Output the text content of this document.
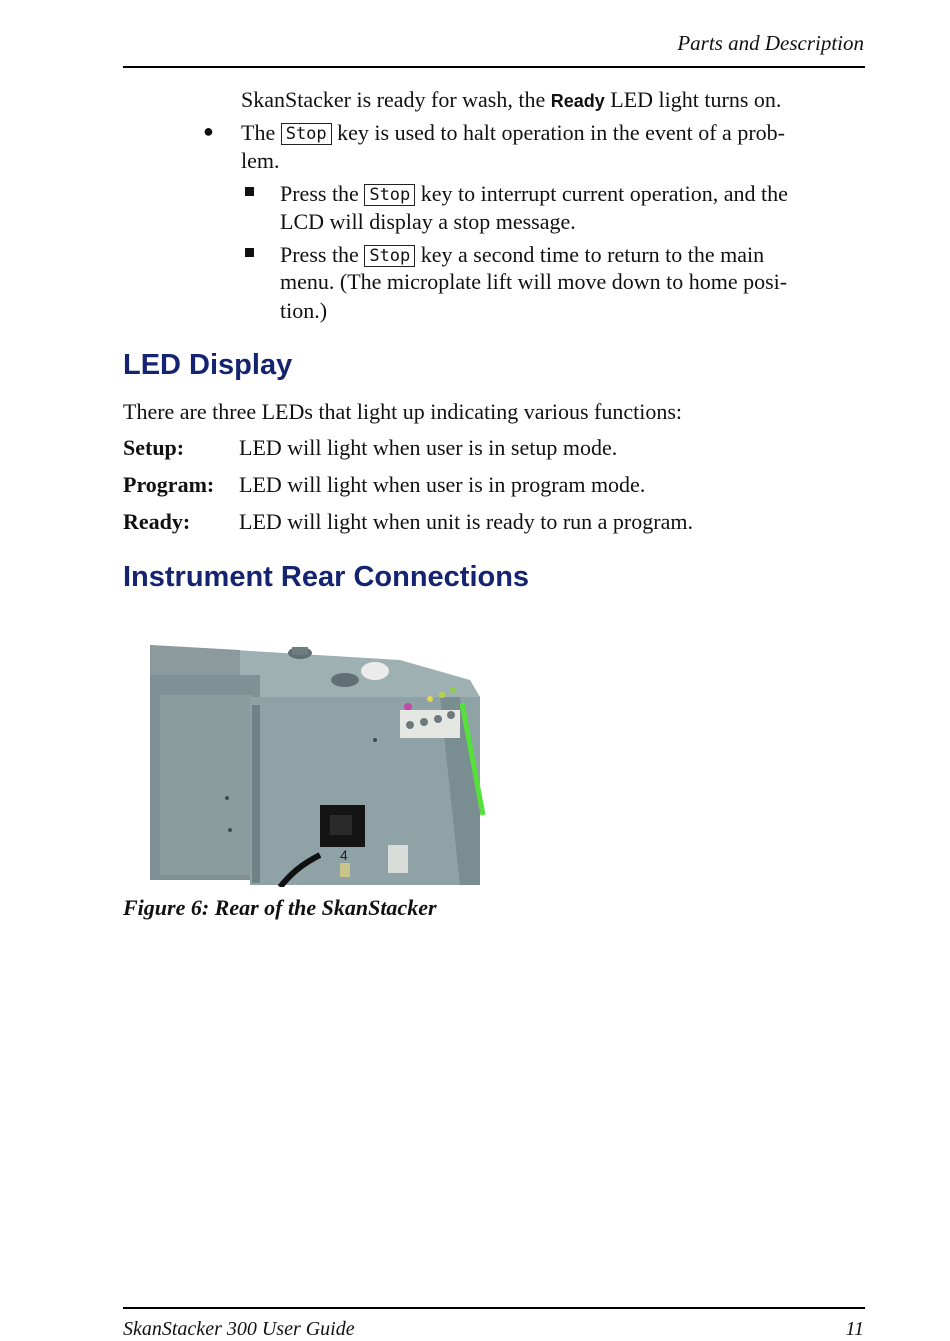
Parts and Description
SkanStacker is ready for wash, the Ready LED light turns on.
● The Stop key is used to halt operation in the event of a prob-
lem.
Press the Stop key to interrupt current operation, and the
LCD will display a stop message.
Press the Stop key a second time to return to the main
menu. (The microplate lift will move down to home posi-
tion.)
LED Display
There are three LEDs that light up indicating various functions:
Setup: LED will light when user is in setup mode.
Program: LED will light when user is in program mode.
Ready: LED will light when unit is ready to run a program.
Instrument Rear Connections
4
Figure 6: Rear of the SkanStacker
SkanStacker 300 User Guide	11
